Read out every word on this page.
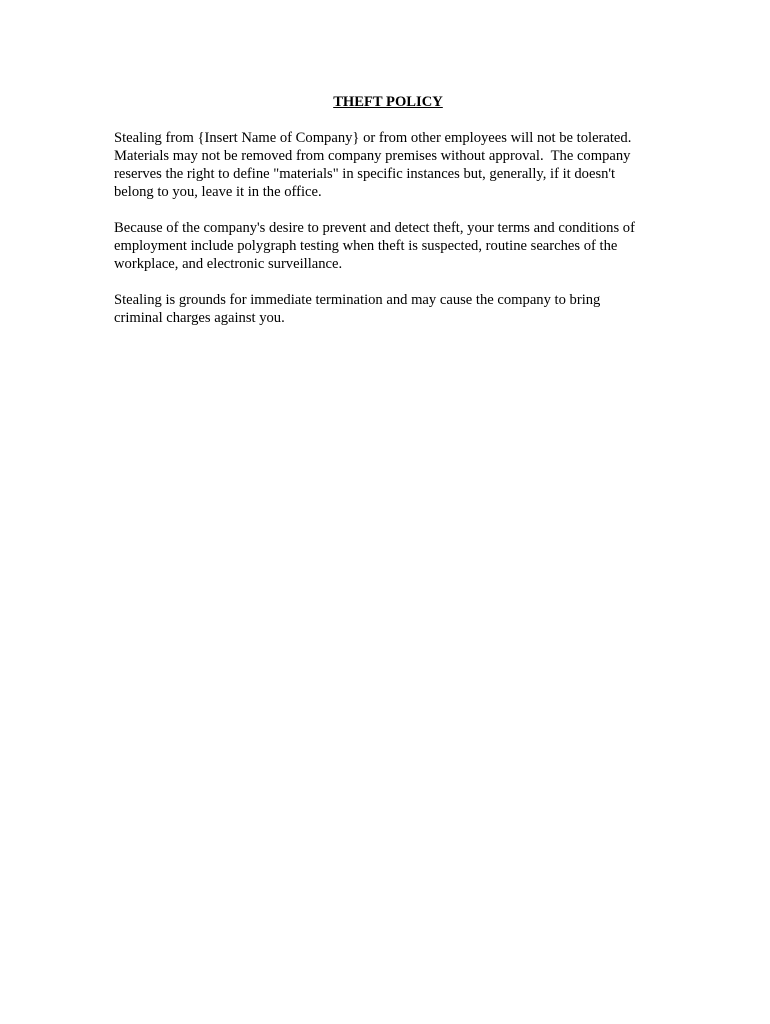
THEFT POLICY
Stealing from {Insert Name of Company} or from other employees will not be tolerated.
Materials may not be removed from company premises without approval.  The company
reserves the right to define "materials" in specific instances but, generally, if it doesn't
belong to you, leave it in the office.
Because of the company's desire to prevent and detect theft, your terms and conditions of
employment include polygraph testing when theft is suspected, routine searches of the
workplace, and electronic surveillance.
Stealing is grounds for immediate termination and may cause the company to bring
criminal charges against you.
